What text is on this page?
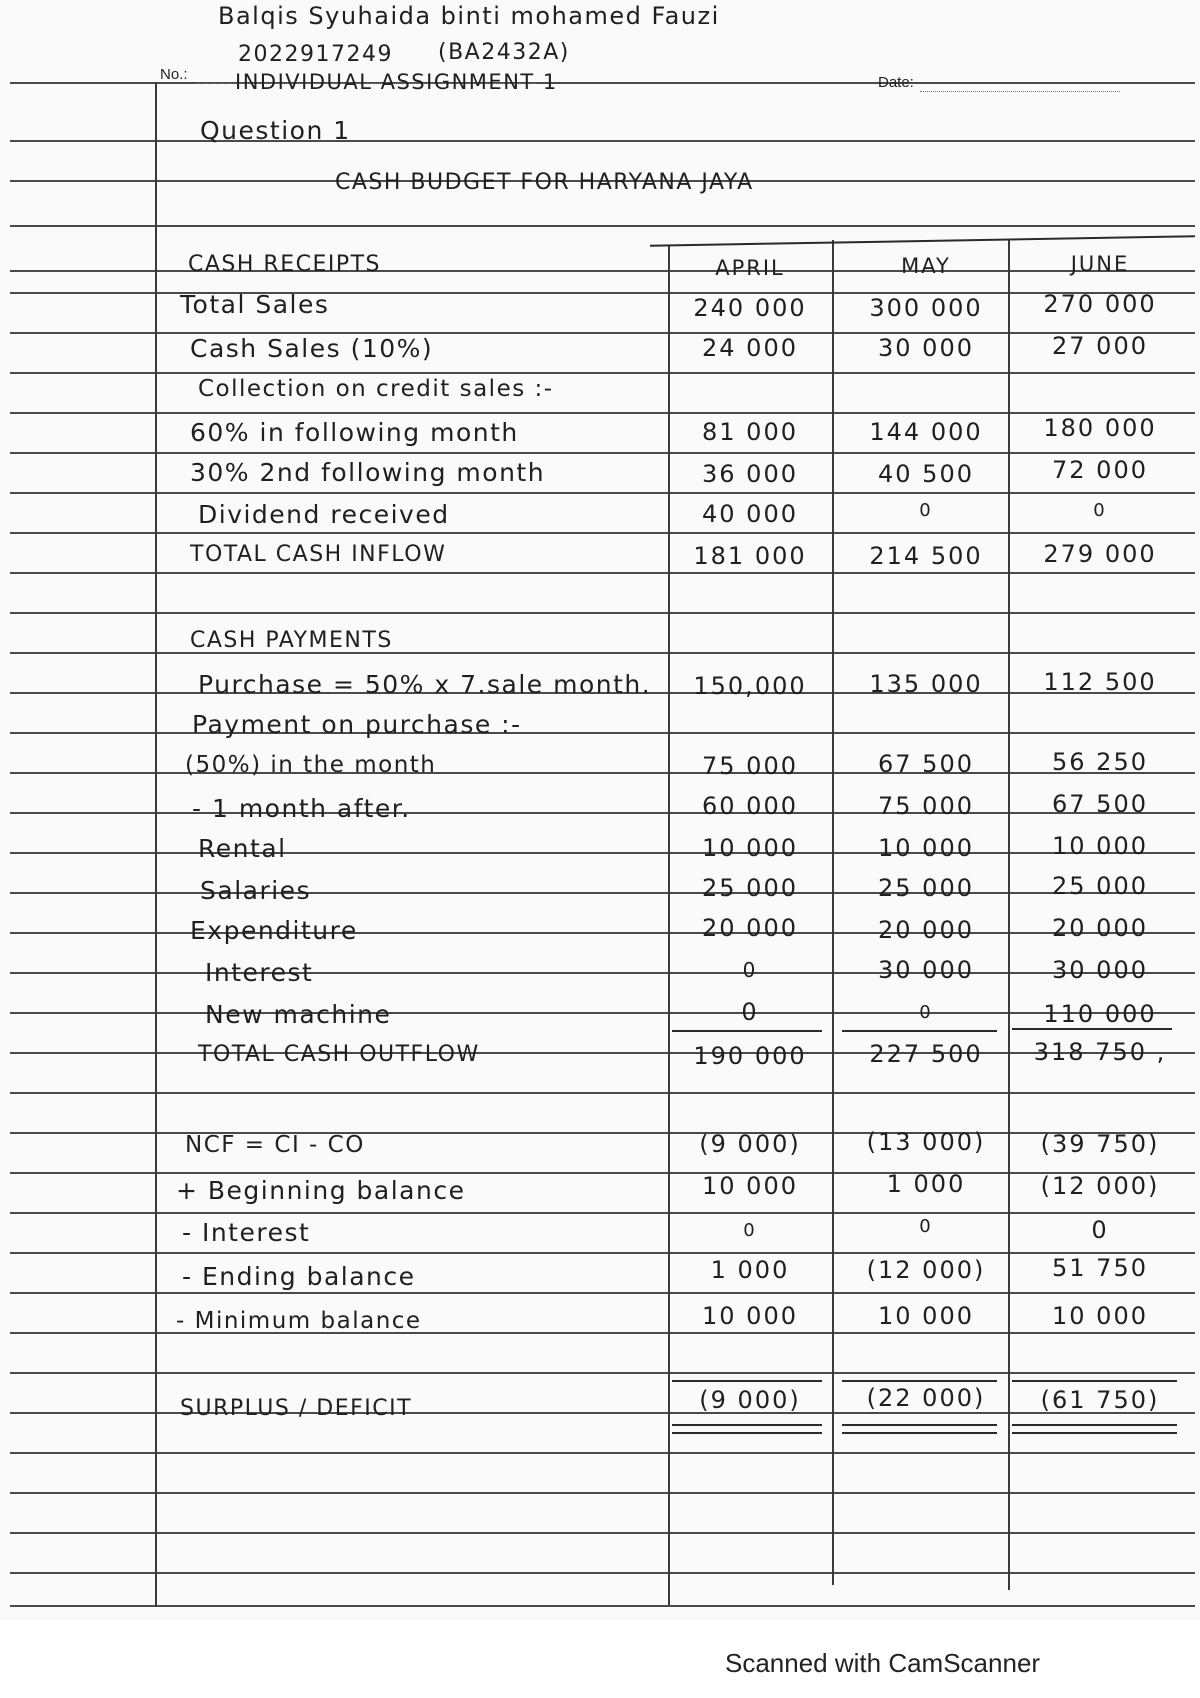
Balqis Syuhaida binti mohamed Fauzi
2022917249 (BA2432A)
No.: INDIVIDUAL ASSIGNMENT 1	Date:
Question 1
CASH BUDGET FOR HARYANA JAYA
APRIL	MAY	JUNE
CASH RECEIPTS
Total Sales	240 000	300 000	270 000
Cash Sales (10%)	24 000	30 000	27 000
Collection on credit sales :-
60% in following month	81 000	144 000	180 000
30% 2nd following month	36 000	40 500	72 000
Dividend received	40 000	0	0
TOTAL CASH INFLOW	181 000	214 500	279 000
CASH PAYMENTS
Purchase = 50% x 7.sale month.	150,000	135 000	112 500
Payment on purchase :-
(50%) in the month	75 000	67 500	56 250
- 1 month after.	60 000	75 000	67 500
Rental	10 000	10 000	10 000
Salaries	25 000	25 000	25 000
Expenditure	20 000	20 000	20 000
Interest	0	30 000	30 000
New machine	0	0	110 000
TOTAL CASH OUTFLOW	190 000	227 500	318 750 ,
NCF = CI - CO	(9 000)	(13 000)	(39 750)
+ Beginning balance	10 000	1 000	(12 000)
- Interest	0	0	0
- Ending balance	1 000	(12 000)	51 750
- Minimum balance	10 000	10 000	10 000
SURPLUS / DEFICIT	(9 000)	(22 000)	(61 750)
Scanned with CamScanner
